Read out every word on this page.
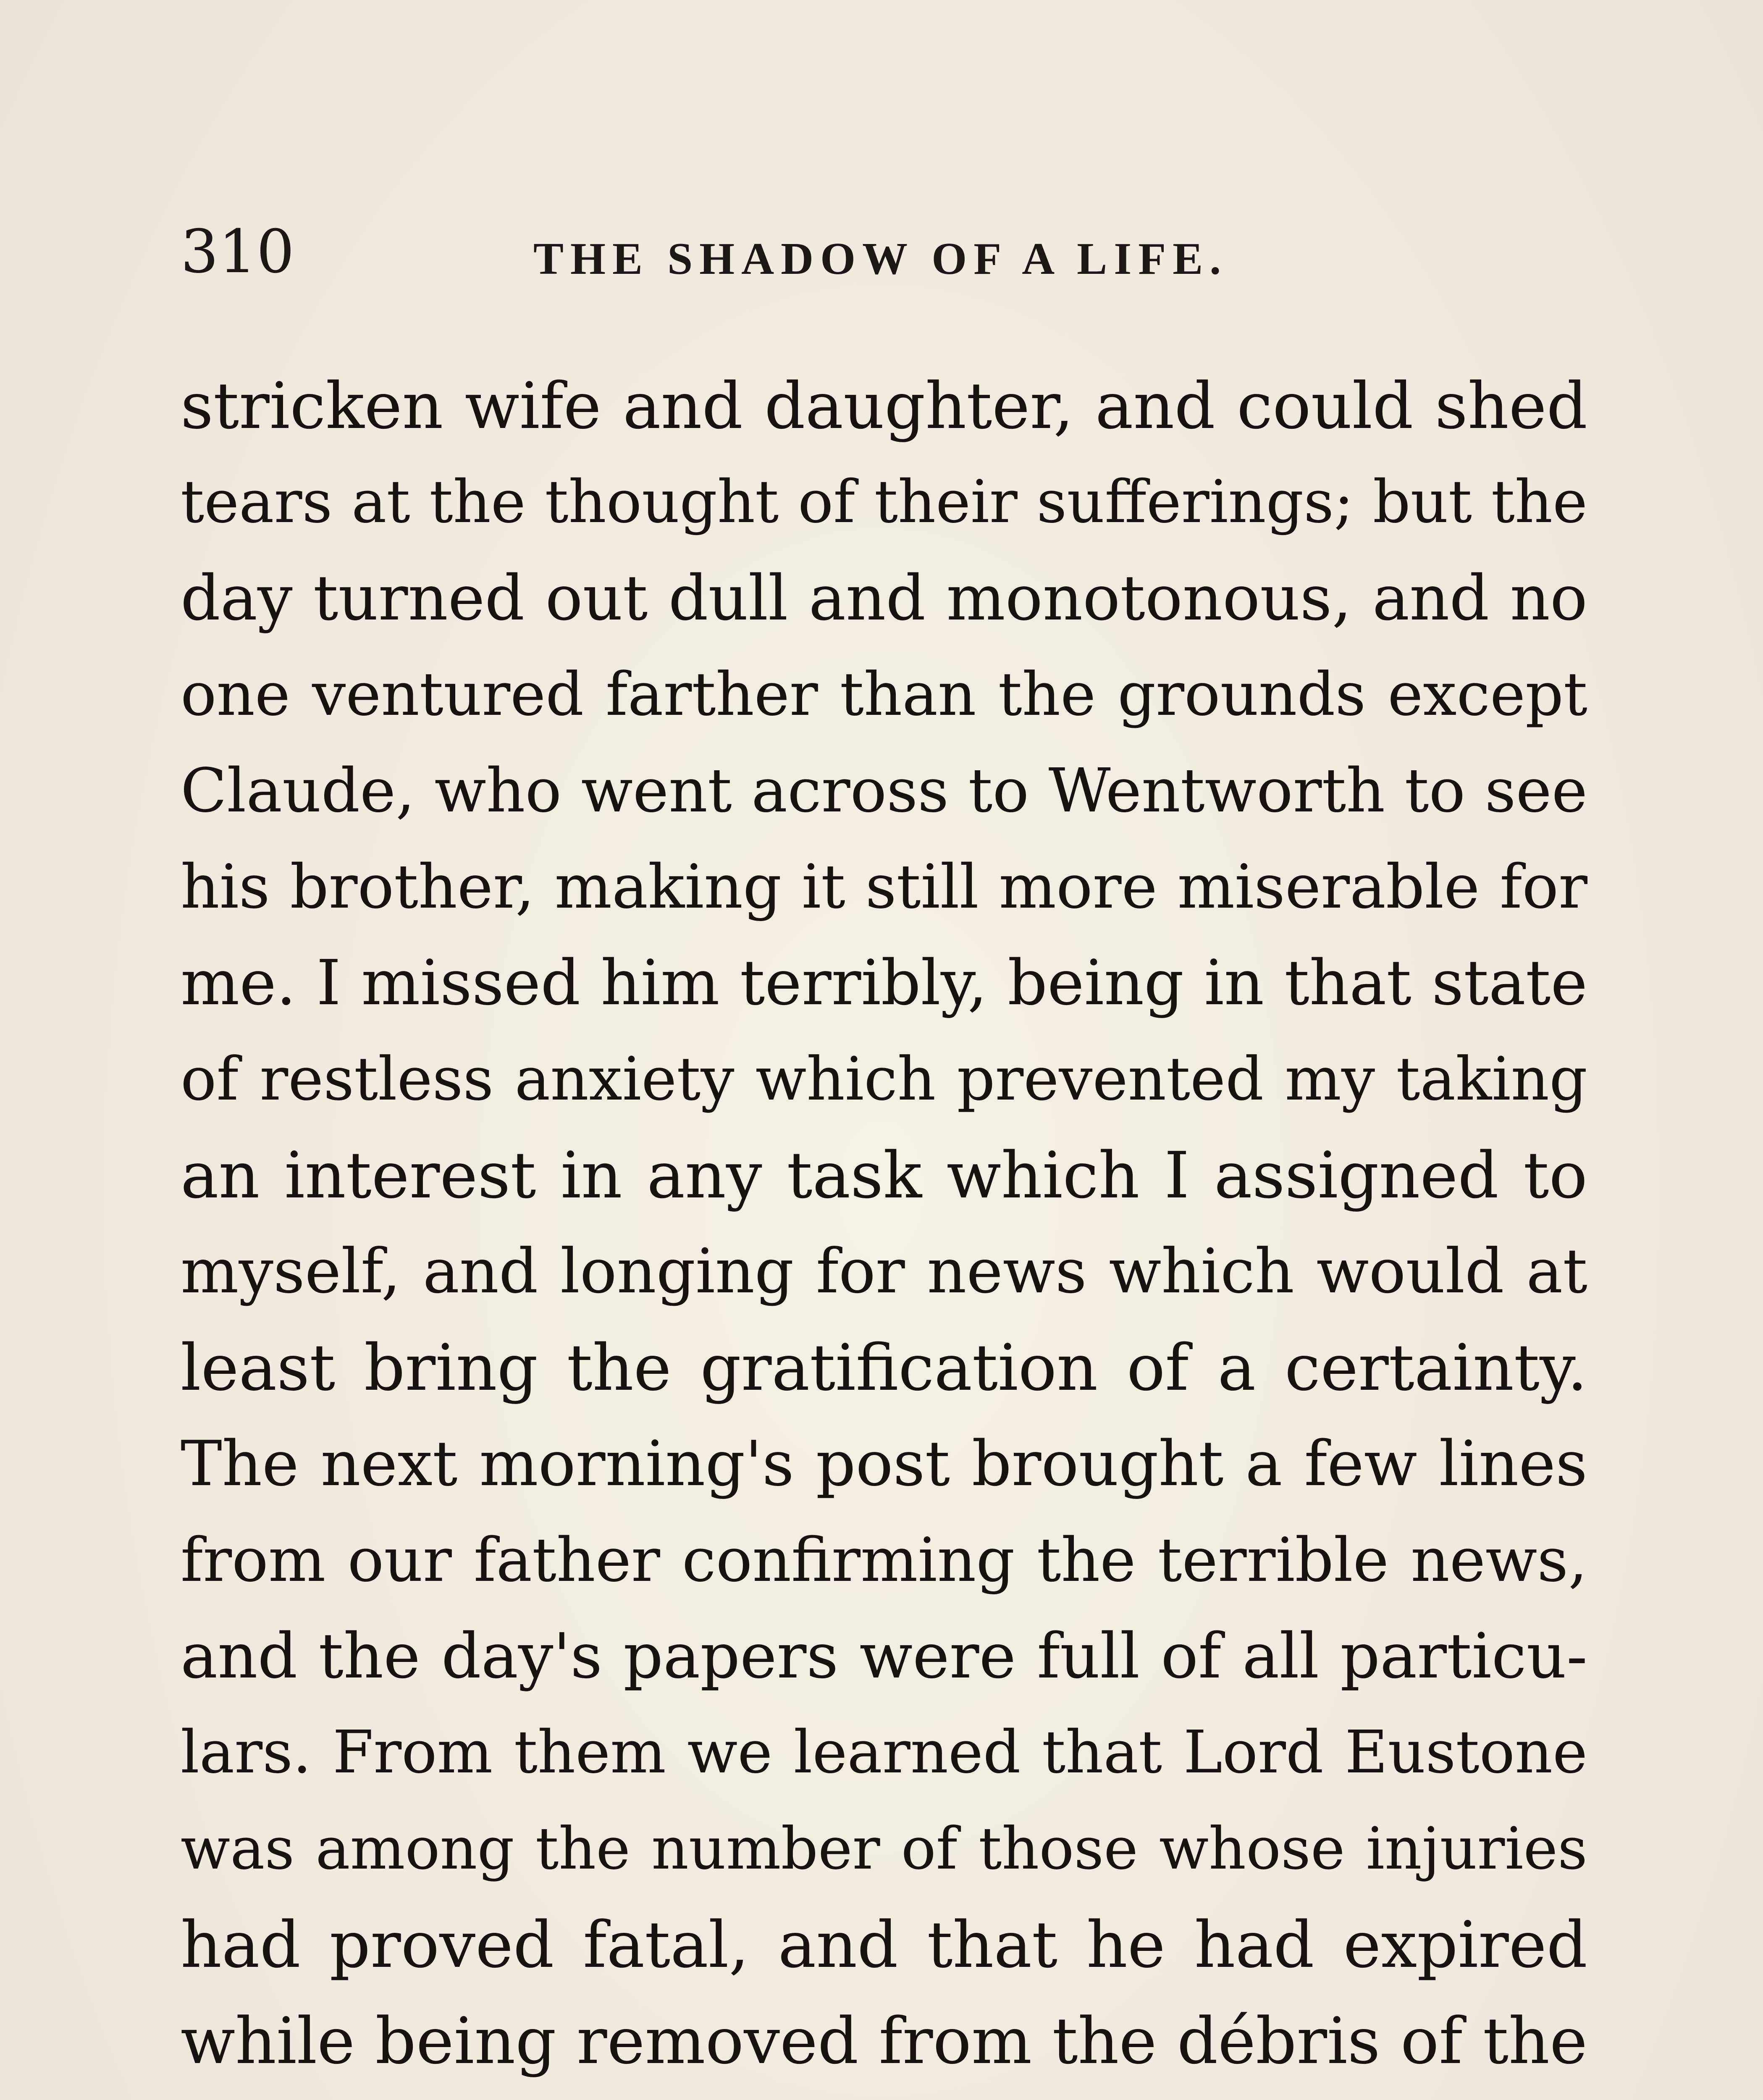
310	THE SHADOW OF A LIFE.
stricken wife and daughter, and could shed
tears at the thought of their sufferings; but the
day turned out dull and monotonous, and no
one ventured farther than the grounds except
Claude, who went across to Wentworth to see
his brother, making it still more miserable for
me. I missed him terribly, being in that state
of restless anxiety which prevented my taking
an interest in any task which I assigned to
myself, and longing for news which would at
least bring the gratification of a certainty.
The next morning's post brought a few lines
from our father confirming the terrible news,
and the day's papers were full of all particu-
lars. From them we learned that Lord Eustone
was among the number of those whose injuries
had proved fatal, and that he had expired
while being removed from the débris of the
